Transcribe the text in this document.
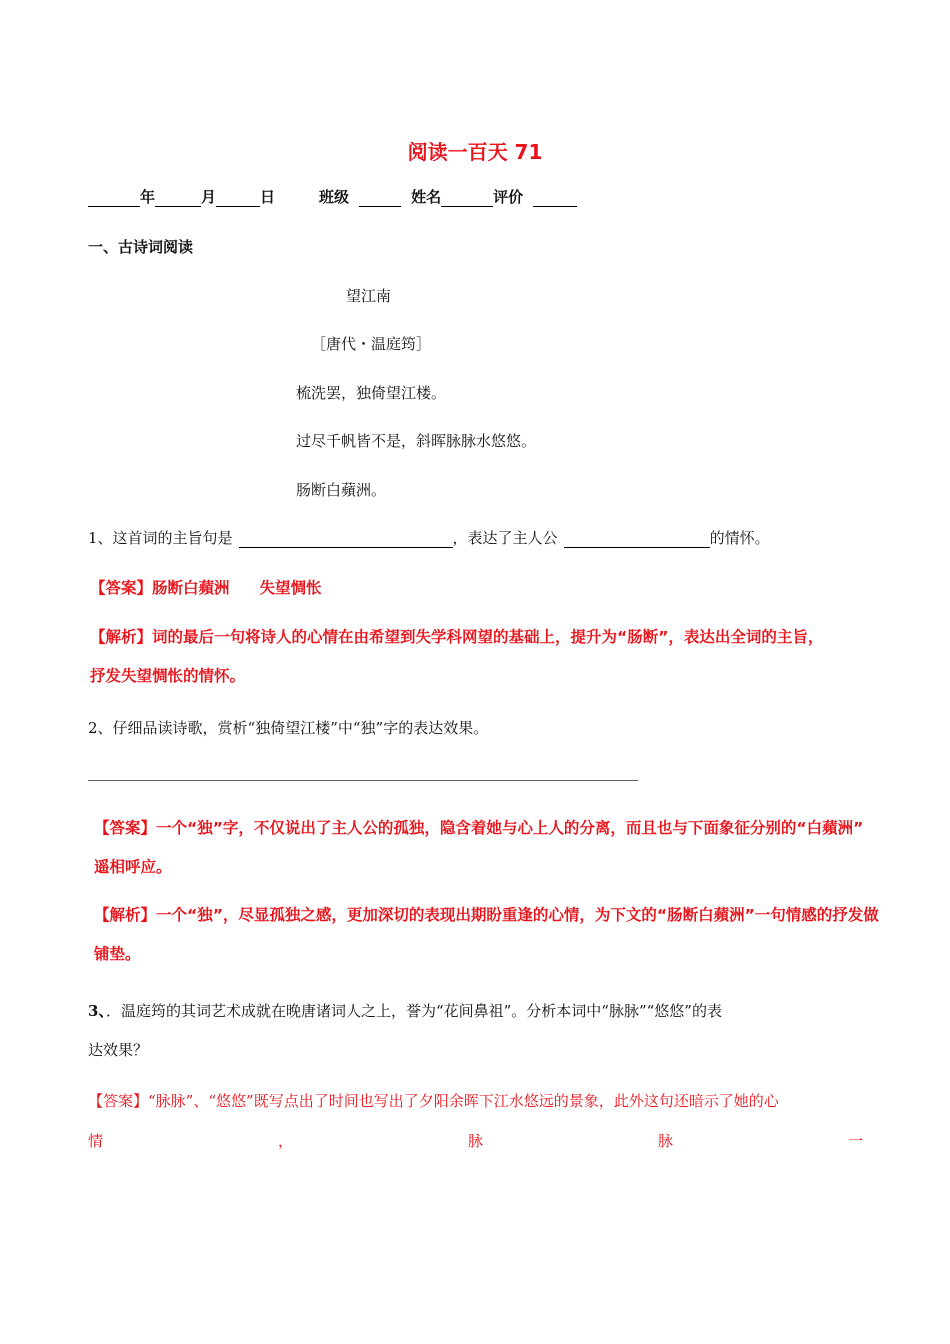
阅读一百天 71
年	月	日	班级	姓名	评价
一、古诗词阅读
望江南
［唐代・温庭筠］
梳洗罢，独倚望江楼。
过尽千帆皆不是，斜晖脉脉水悠悠。
肠断白蘋洲。
1、这首词的主旨句是	，表达了主人公	的情怀。
【答案】肠断白蘋洲 失望惆怅
【解析】词的最后一句将诗人的心情在由希望到失学科网望的基础上，提升为“肠断”，表达出全词的主旨，
抒发失望惆怅的情怀。
2、仔细品读诗歌，赏析“独倚望江楼”中“独”字的表达效果。
【答案】一个“独”字，不仅说出了主人公的孤独，隐含着她与心上人的分离，而且也与下面象征分别的“白蘋洲”
遥相呼应。
【解析】一个“独”，尽显孤独之感，更加深切的表现出期盼重逢的心情，为下文的“肠断白蘋洲”一句情感的抒发做
铺垫。
3、．温庭筠的其词艺术成就在晚唐诸词人之上，誉为“花间鼻祖”。分析本词中“脉脉”“悠悠”的表
达效果？
【答案】“脉脉”、“悠悠”既写点出了时间也写出了夕阳余晖下江水悠远的景象，此外这句还暗示了她的心
情	，	脉	脉	一
